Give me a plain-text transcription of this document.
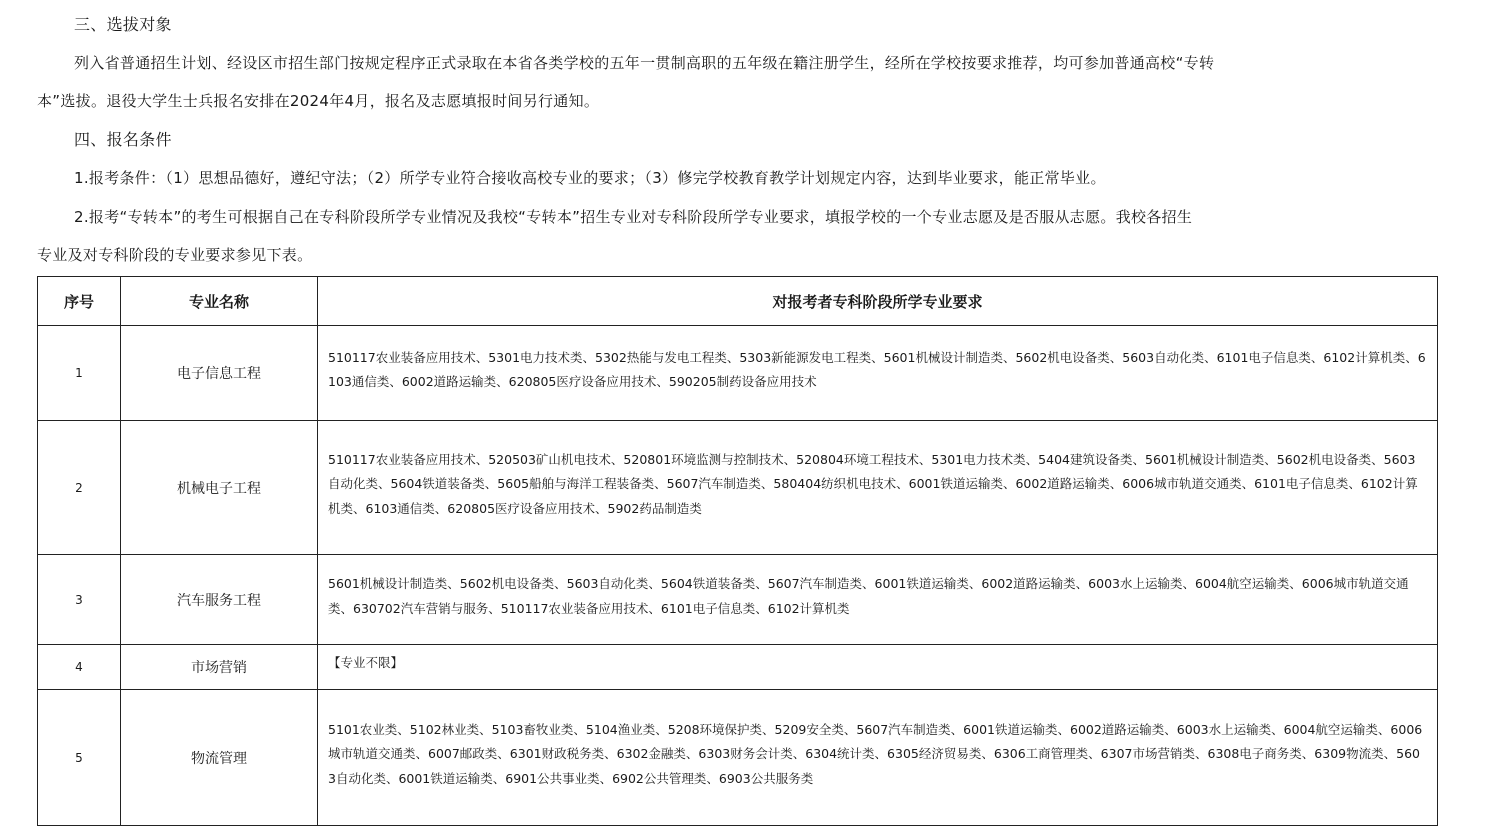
三、选拔对象
列入省普通招生计划、经设区市招生部门按规定程序正式录取在本省各类学校的五年一贯制高职的五年级在籍注册学生，经所在学校按要求推荐，均可参加普通高校“专转
本”选拔。退役大学生士兵报名安排在2024年4月，报名及志愿填报时间另行通知。
四、报名条件
1.报考条件：（1）思想品德好，遵纪守法；（2）所学专业符合接收高校专业的要求；（3）修完学校教育教学计划规定内容，达到毕业要求，能正常毕业。
2.报考“专转本”的考生可根据自己在专科阶段所学专业情况及我校“专转本”招生专业对专科阶段所学专业要求，填报学校的一个专业志愿及是否服从志愿。我校各招生
专业及对专科阶段的专业要求参见下表。
序号	专业名称	对报考者专科阶段所学专业要求
1	电子信息工程	510117农业装备应用技术、5301电力技术类、5302热能与发电工程类、5303新能源发电工程类、5601机械设计制造类、5602机电设备类、5603自动化类、6101电子信息类、6102计算机类、6103通信类、6002道路运输类、620805医疗设备应用技术、590205制药设备应用技术
2	机械电子工程	510117农业装备应用技术、520503矿山机电技术、520801环境监测与控制技术、520804环境工程技术、5301电力技术类、5404建筑设备类、5601机械设计制造类、5602机电设备类、5603自动化类、5604铁道装备类、5605船舶与海洋工程装备类、5607汽车制造类、580404纺织机电技术、6001铁道运输类、6002道路运输类、6006城市轨道交通类、6101电子信息类、6102计算机类、6103通信类、620805医疗设备应用技术、5902药品制造类
3	汽车服务工程	5601机械设计制造类、5602机电设备类、5603自动化类、5604铁道装备类、5607汽车制造类、6001铁道运输类、6002道路运输类、6003水上运输类、6004航空运输类、6006城市轨道交通类、630702汽车营销与服务、510117农业装备应用技术、6101电子信息类、6102计算机类
4	市场营销	【专业不限】
5	物流管理	5101农业类、5102林业类、5103畜牧业类、5104渔业类、5208环境保护类、5209安全类、5607汽车制造类、6001铁道运输类、6002道路运输类、6003水上运输类、6004航空运输类、6006城市轨道交通类、6007邮政类、6301财政税务类、6302金融类、6303财务会计类、6304统计类、6305经济贸易类、6306工商管理类、6307市场营销类、6308电子商务类、6309物流类、5603自动化类、6001铁道运输类、6901公共事业类、6902公共管理类、6903公共服务类
